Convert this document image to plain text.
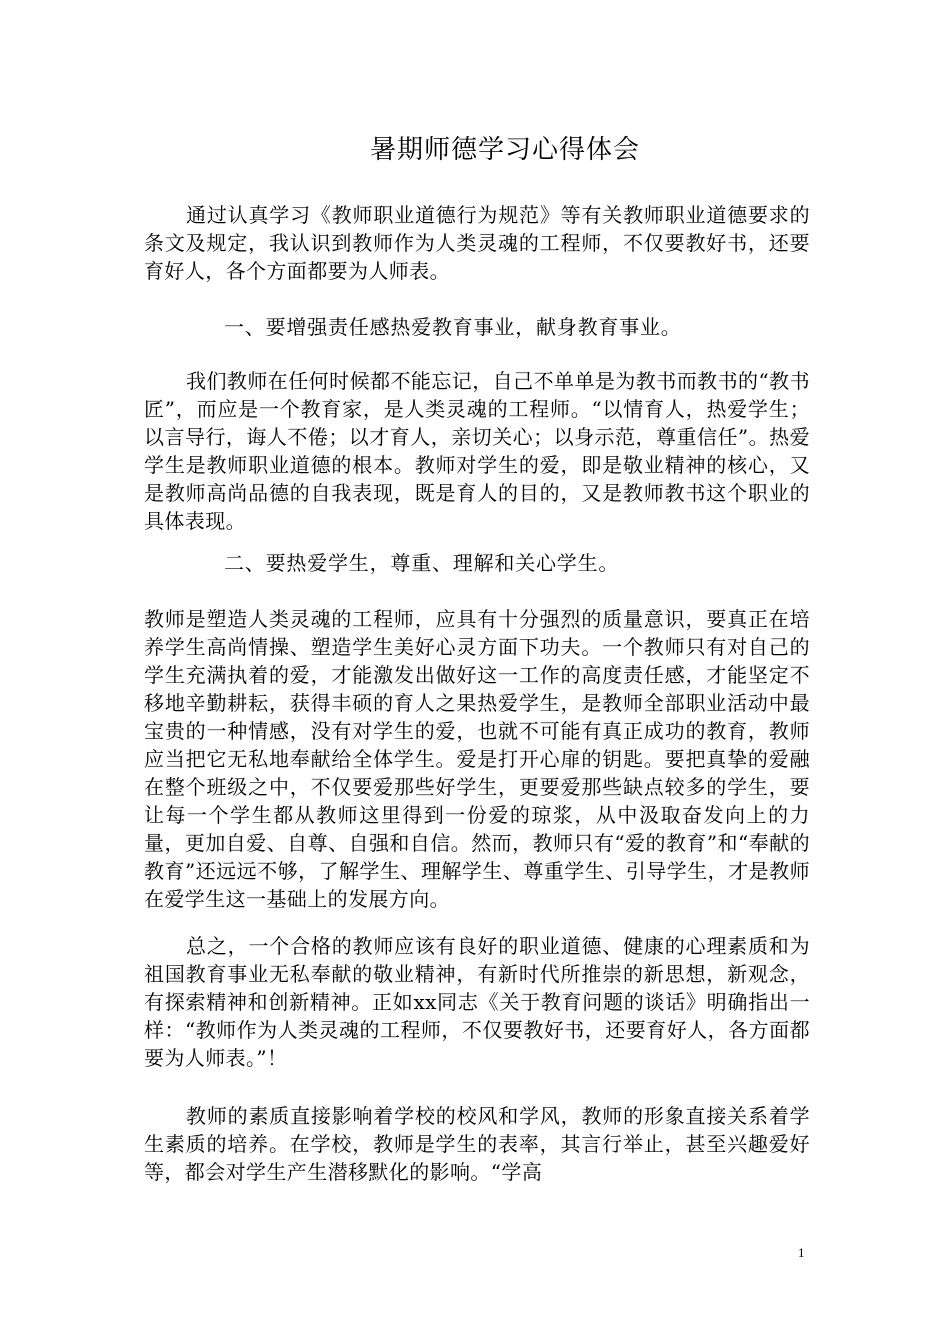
暑期师德学习心得体会
通过认真学习《教师职业道德行为规范》等有关教师职业道德要求的条文及规定，我认识到教师作为人类灵魂的工程师，不仅要教好书，还要育好人，各个方面都要为人师表。
一、要增强责任感热爱教育事业，献身教育事业。
我们教师在任何时候都不能忘记，自己不单单是为教书而教书的“教书匠”，而应是一个教育家，是人类灵魂的工程师。“以情育人，热爱学生；以言导行，诲人不倦；以才育人，亲切关心；以身示范，尊重信任”。热爱学生是教师职业道德的根本。教师对学生的爱，即是敬业精神的核心，又是教师高尚品德的自我表现，既是育人的目的，又是教师教书这个职业的具体表现。
二、要热爱学生，尊重、理解和关心学生。
教师是塑造人类灵魂的工程师，应具有十分强烈的质量意识，要真正在培养学生高尚情操、塑造学生美好心灵方面下功夫。一个教师只有对自己的学生充满执着的爱，才能激发出做好这一工作的高度责任感，才能坚定不移地辛勤耕耘，获得丰硕的育人之果热爱学生，是教师全部职业活动中最宝贵的一种情感，没有对学生的爱，也就不可能有真正成功的教育，教师应当把它无私地奉献给全体学生。爱是打开心扉的钥匙。要把真挚的爱融在整个班级之中，不仅要爱那些好学生，更要爱那些缺点较多的学生，要让每一个学生都从教师这里得到一份爱的琼浆，从中汲取奋发向上的力量，更加自爱、自尊、自强和自信。然而，教师只有“爱的教育”和“奉献的教育”还远远不够，了解学生、理解学生、尊重学生、引导学生，才是教师在爱学生这一基础上的发展方向。
总之，一个合格的教师应该有良好的职业道德、健康的心理素质和为祖国教育事业无私奉献的敬业精神，有新时代所推崇的新思想，新观念，有探索精神和创新精神。正如xx同志《关于教育问题的谈话》明确指出一样：“教师作为人类灵魂的工程师，不仅要教好书，还要育好人，各方面都要为人师表。”！
教师的素质直接影响着学校的校风和学风，教师的形象直接关系着学生素质的培养。在学校，教师是学生的表率，其言行举止，甚至兴趣爱好等，都会对学生产生潜移默化的影响。“学高
1
